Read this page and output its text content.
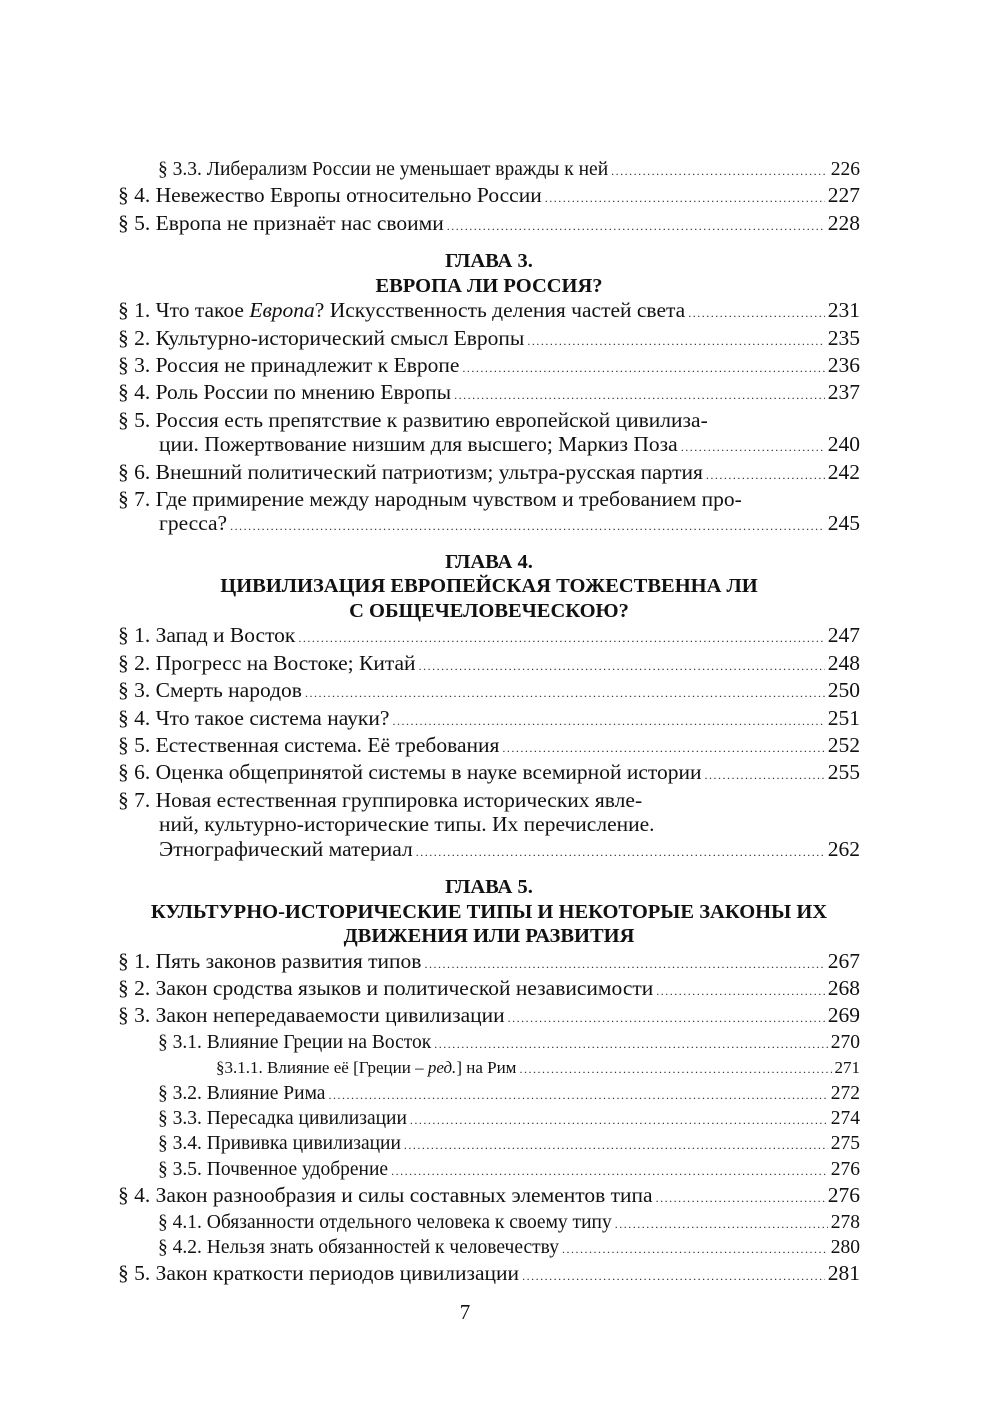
§ 3.3. Либерализм России не уменьшает вражды к ней .....	226
§ 4. Невежество Европы относительно России .....	227
§ 5. Европа не признаёт нас своими .....	228
ГЛАВА 3.
ЕВРОПА ЛИ РОССИЯ?
§ 1. Что такое Европа? Искусственность деления частей света .....	231
§ 2. Культурно-исторический смысл Европы .....	235
§ 3. Россия не принадлежит к Европе .....	236
§ 4. Роль России по мнению Европы .....	237
§ 5. Россия есть препятствие к развитию европейской цивилиза-
ции. Пожертвование низшим для высшего; Маркиз Поза .....	240
§ 6. Внешний политический патриотизм; ультра-русская партия .....	242
§ 7. Где примирение между народным чувством и требованием про-
гресса? .....	245
ГЛАВА 4.
ЦИВИЛИЗАЦИЯ ЕВРОПЕЙСКАЯ ТОЖЕСТВЕННА ЛИ
С ОБЩЕЧЕЛОВЕЧЕСКОЮ?
§ 1. Запад и Восток .....	247
§ 2. Прогресс на Востоке; Китай .....	248
§ 3. Смерть народов .....	250
§ 4. Что такое система науки? .....	251
§ 5. Естественная система. Её требования .....	252
§ 6. Оценка общепринятой системы в науке всемирной истории .....	255
§ 7. Новая естественная группировка исторических явле-
ний, культурно-исторические типы. Их перечисление.
Этнографический материал .....	262
ГЛАВА 5.
КУЛЬТУРНО-ИСТОРИЧЕСКИЕ ТИПЫ И НЕКОТОРЫЕ ЗАКОНЫ ИХ
ДВИЖЕНИЯ ИЛИ РАЗВИТИЯ
§ 1. Пять законов развития типов .....	267
§ 2. Закон сродства языков и политической независимости .....	268
§ 3. Закон непередаваемости цивилизации .....	269
§ 3.1. Влияние Греции на Восток .....	270
§3.1.1. Влияние её [Греции – ред.] на Рим .....	271
§ 3.2. Влияние Рима .....	272
§ 3.3. Пересадка цивилизации .....	274
§ 3.4. Прививка цивилизации .....	275
§ 3.5. Почвенное удобрение .....	276
§ 4. Закон разнообразия и силы составных элементов типа .....	276
§ 4.1. Обязанности отдельного человека к своему типу .....	278
§ 4.2. Нельзя знать обязанностей к человечеству .....	280
§ 5. Закон краткости периодов цивилизации .....	281
7
